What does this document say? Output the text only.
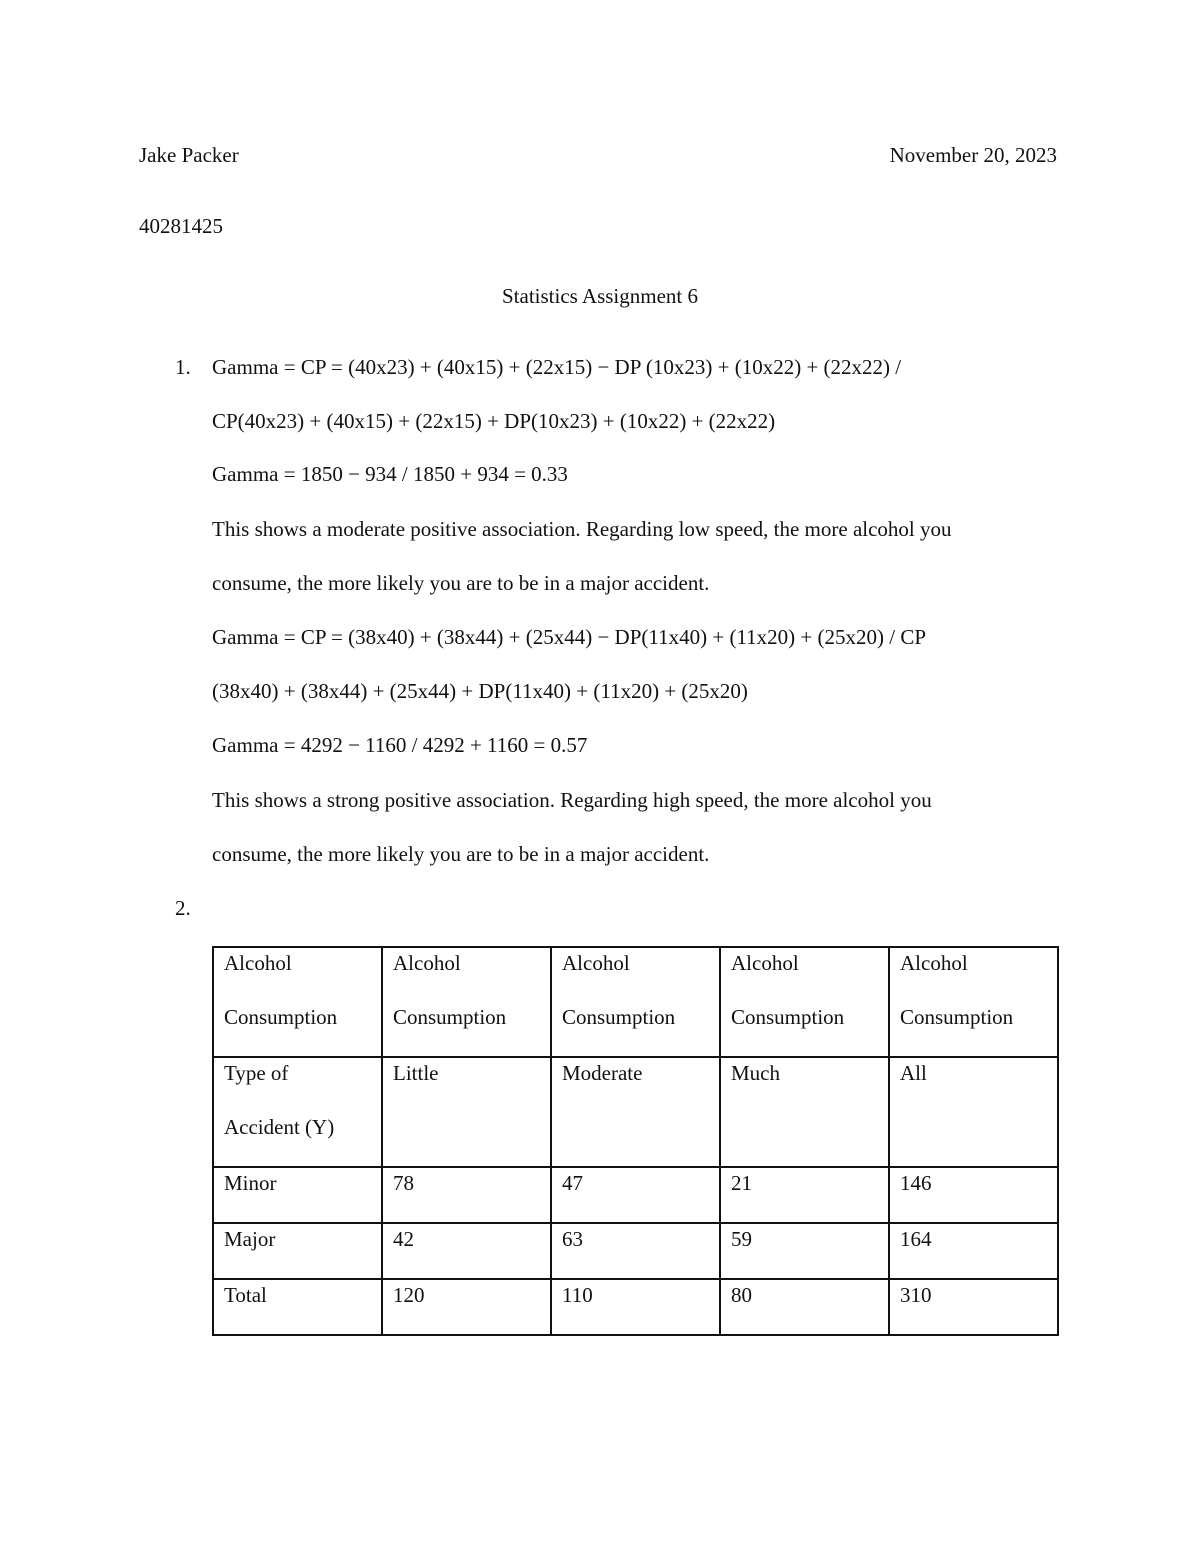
Jake Packer	November 20, 2023
40281425
Statistics Assignment 6
1. Gamma = CP = (40x23) + (40x15) + (22x15) − DP (10x23) + (10x22) + (22x22) /
CP(40x23) + (40x15) + (22x15) + DP(10x23) + (10x22) + (22x22)
Gamma = 1850 − 934 / 1850 + 934 = 0.33
This shows a moderate positive association. Regarding low speed, the more alcohol you
consume, the more likely you are to be in a major accident.
Gamma = CP = (38x40) + (38x44) + (25x44) − DP(11x40) + (11x20) + (25x20) / CP
(38x40) + (38x44) + (25x44) + DP(11x40) + (11x20) + (25x20)
Gamma = 4292 − 1160 / 4292 + 1160 = 0.57
This shows a strong positive association. Regarding high speed, the more alcohol you
consume, the more likely you are to be in a major accident.
2.
Alcohol
Consumption	Alcohol
Consumption	Alcohol
Consumption	Alcohol
Consumption	Alcohol
Consumption

Type of
Accident (Y)	Little	Moderate	Much	All

Minor	78	47	21	146

Major	42	63	59	164

Total	120	110	80	310
